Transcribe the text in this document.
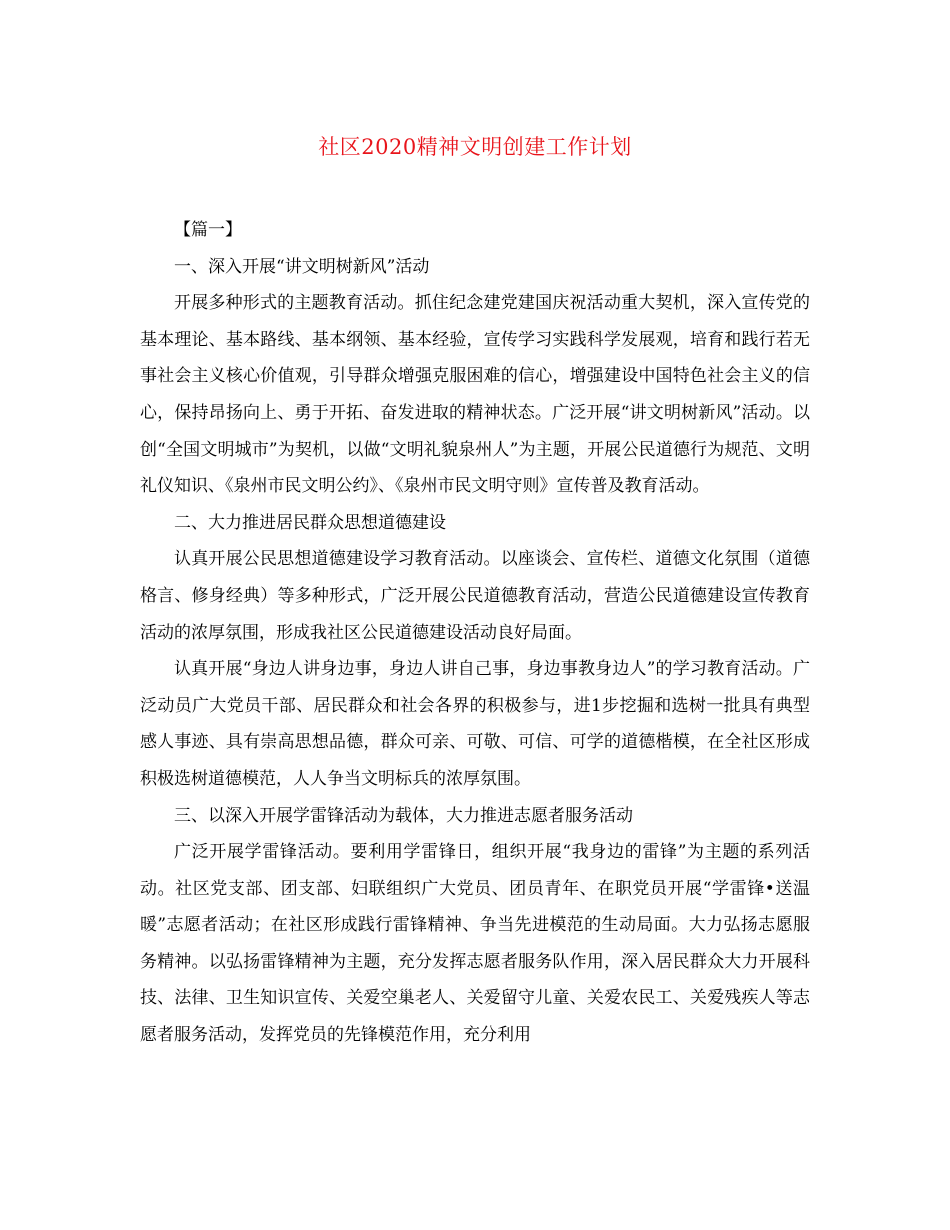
社区2020精神文明创建工作计划

【篇一】

一、深入开展“讲文明树新风”活动

开展多种形式的主题教育活动。抓住纪念建党建国庆祝活动重大契机，深入宣传党的基本理论、基本路线、基本纲领、基本经验，宣传学习实践科学发展观，培育和践行若无事社会主义核心价值观，引导群众增强克服困难的信心，增强建设中国特色社会主义的信心，保持昂扬向上、勇于开拓、奋发进取的精神状态。广泛开展“讲文明树新风”活动。以创“全国文明城市”为契机，以做“文明礼貌泉州人”为主题，开展公民道德行为规范、文明礼仪知识、《泉州市民文明公约》、《泉州市民文明守则》宣传普及教育活动。

二、大力推进居民群众思想道德建设

认真开展公民思想道德建设学习教育活动。以座谈会、宣传栏、道德文化氛围（道德格言、修身经典）等多种形式，广泛开展公民道德教育活动，营造公民道德建设宣传教育活动的浓厚氛围，形成我社区公民道德建设活动良好局面。

认真开展“身边人讲身边事，身边人讲自己事，身边事教身边人”的学习教育活动。广泛动员广大党员干部、居民群众和社会各界的积极参与，进1步挖掘和选树一批具有典型感人事迹、具有崇高思想品德，群众可亲、可敬、可信、可学的道德楷模，在全社区形成积极选树道德模范，人人争当文明标兵的浓厚氛围。

三、以深入开展学雷锋活动为载体，大力推进志愿者服务活动

广泛开展学雷锋活动。要利用学雷锋日，组织开展“我身边的雷锋”为主题的系列活动。社区党支部、团支部、妇联组织广大党员、团员青年、在职党员开展“学雷锋•送温暖”志愿者活动；在社区形成践行雷锋精神、争当先进模范的生动局面。大力弘扬志愿服务精神。以弘扬雷锋精神为主题，充分发挥志愿者服务队作用，深入居民群众大力开展科技、法律、卫生知识宣传、关爱空巢老人、关爱留守儿童、关爱农民工、关爱残疾人等志愿者服务活动，发挥党员的先锋模范作用，充分利用
